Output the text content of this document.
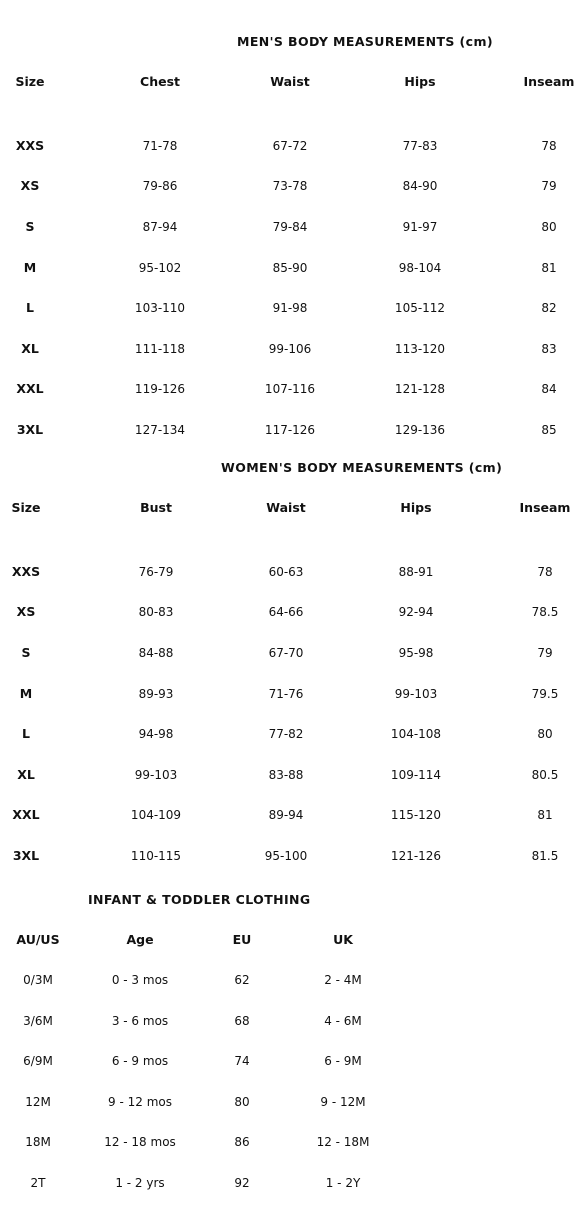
MEN'S BODY MEASUREMENTS (cm)
Size	Chest	Waist	Hips	Inseam
XXS	71-78	67-72	77-83	78
XS	79-86	73-78	84-90	79
S	87-94	79-84	91-97	80
M	95-102	85-90	98-104	81
L	103-110	91-98	105-112	82
XL	111-118	99-106	113-120	83
XXL	119-126	107-116	121-128	84
3XL	127-134	117-126	129-136	85
WOMEN'S BODY MEASUREMENTS (cm)
Size	Bust	Waist	Hips	Inseam
XXS	76-79	60-63	88-91	78
XS	80-83	64-66	92-94	78.5
S	84-88	67-70	95-98	79
M	89-93	71-76	99-103	79.5
L	94-98	77-82	104-108	80
XL	99-103	83-88	109-114	80.5
XXL	104-109	89-94	115-120	81
3XL	110-115	95-100	121-126	81.5
INFANT & TODDLER CLOTHING
AU/US	Age	EU	UK
0/3M	0 - 3 mos	62	2 - 4M
3/6M	3 - 6 mos	68	4 - 6M
6/9M	6 - 9 mos	74	6 - 9M
12M	9 - 12 mos	80	9 - 12M
18M	12 - 18 mos	86	12 - 18M
2T	1 - 2 yrs	92	1 - 2Y
